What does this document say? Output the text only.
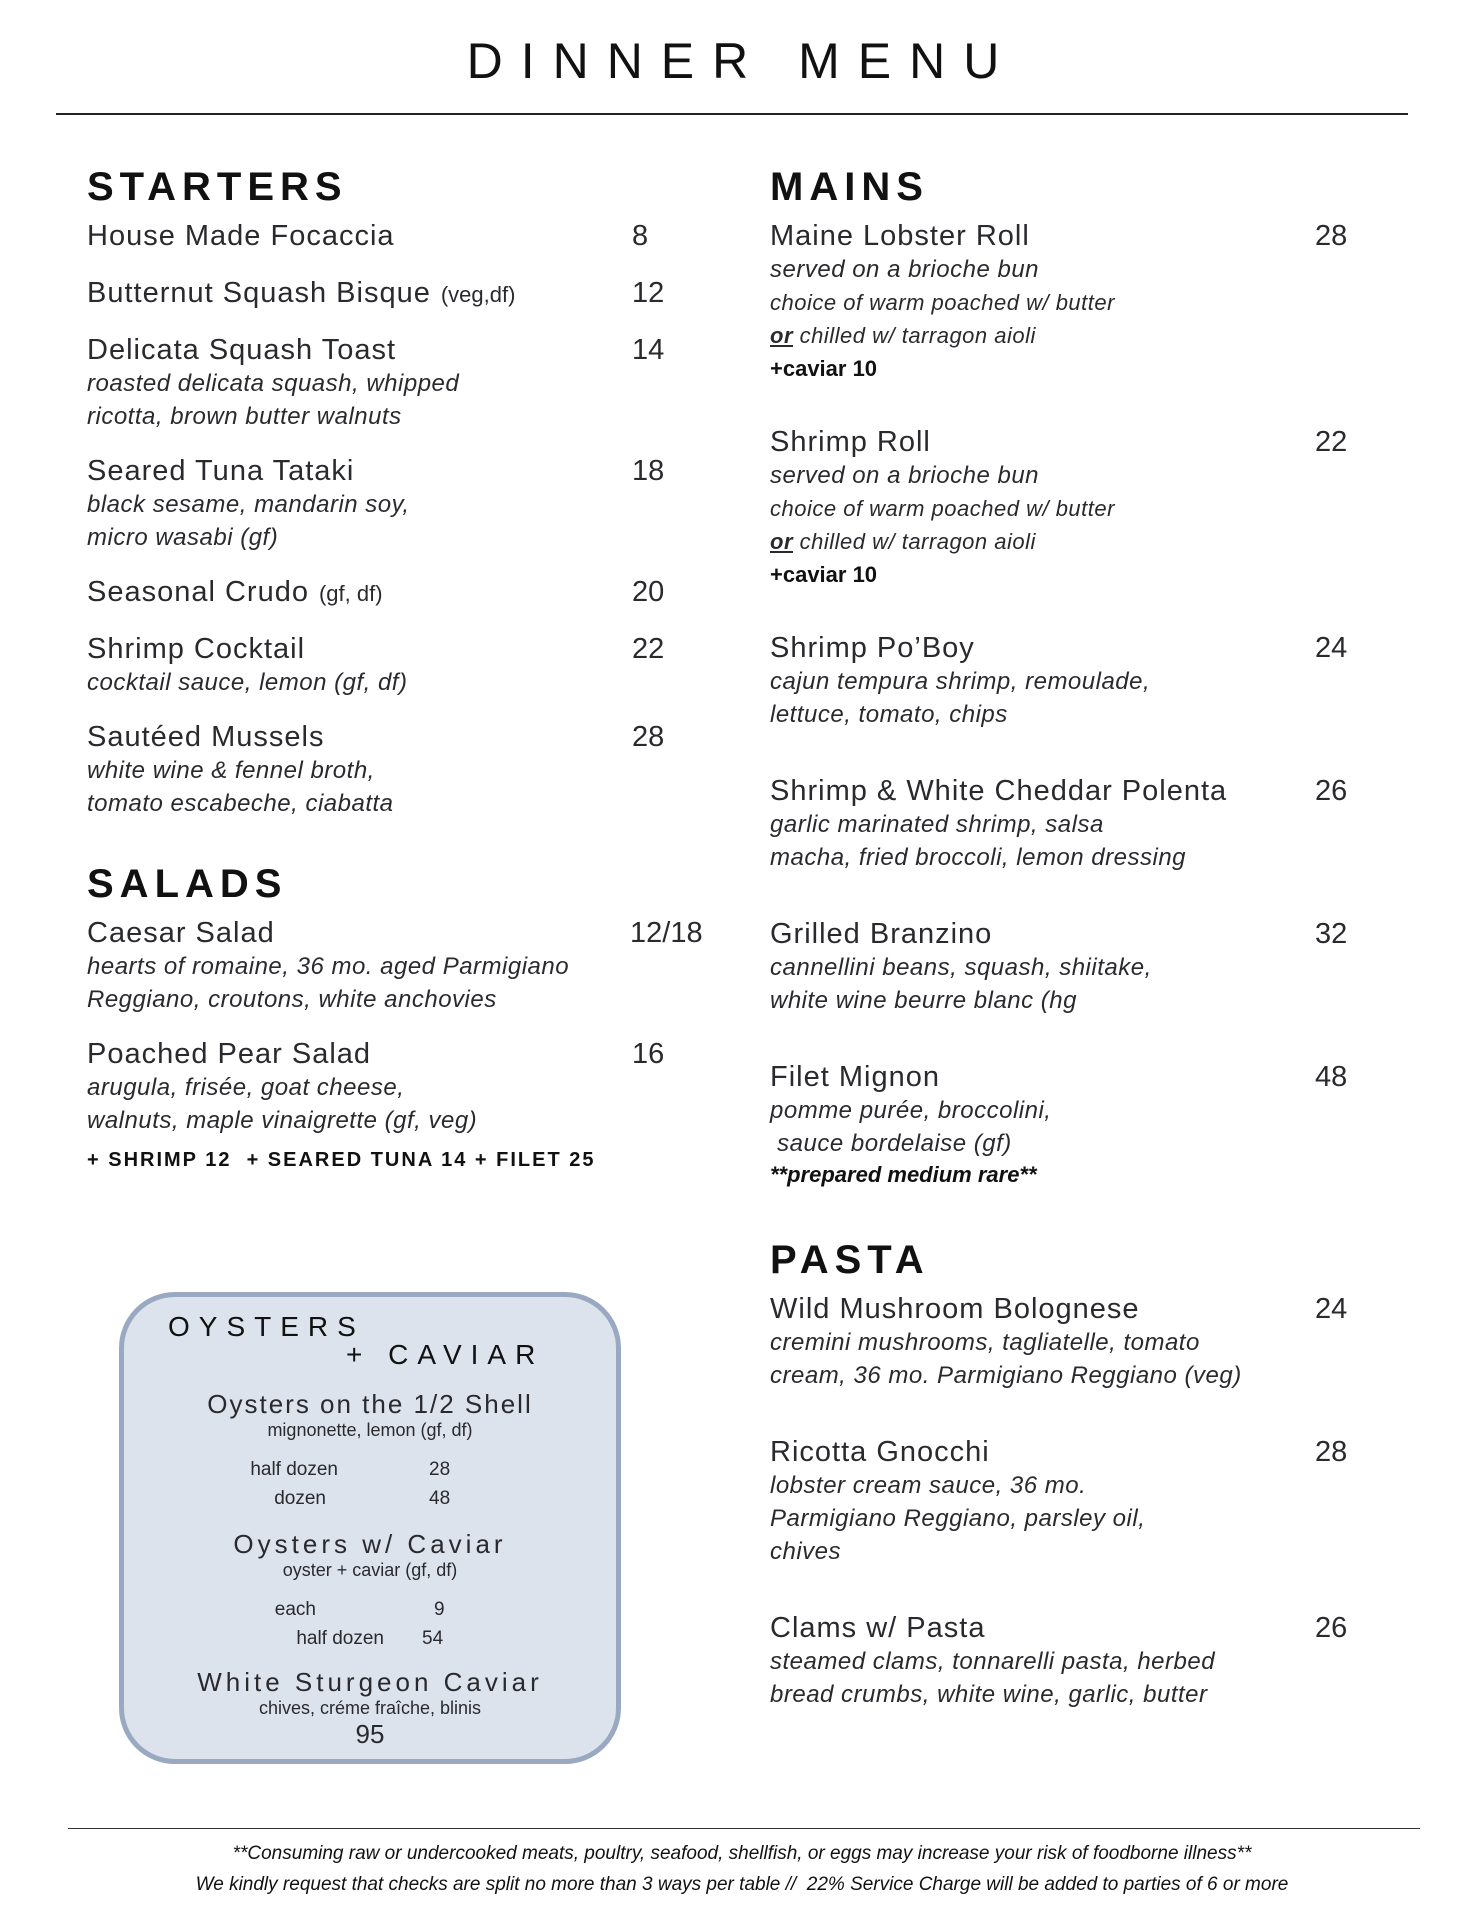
DINNER MENU
STARTERS
House Made Focaccia	8
Butternut Squash Bisque (veg,df)	12
Delicata Squash Toast	14
roasted delicata squash, whipped
ricotta, brown butter walnuts
Seared Tuna Tataki	18
black sesame, mandarin soy,
micro wasabi (gf)
Seasonal Crudo (gf, df)	20
Shrimp Cocktail	22
cocktail sauce, lemon (gf, df)
Sautéed Mussels	28
white wine & fennel broth,
tomato escabeche, ciabatta
SALADS
Caesar Salad	12/18
hearts of romaine, 36 mo. aged Parmigiano
Reggiano, croutons, white anchovies
Poached Pear Salad	16
arugula, frisée, goat cheese,
walnuts, maple vinaigrette (gf, veg)
+ SHRIMP 12  + SEARED TUNA 14 + FILET 25
OYSTERS
+ CAVIAR
Oysters on the 1/2 Shell
mignonette, lemon (gf, df)
half dozen	28
dozen	48
Oysters w/ Caviar
oyster + caviar (gf, df)
each	9
half dozen 54
White Sturgeon Caviar
chives, créme fraîche, blinis
95
MAINS
Maine Lobster Roll	28
served on a brioche bun
choice of warm poached w/ butter
or chilled w/ tarragon aioli
+caviar 10
Shrimp Roll	22
served on a brioche bun
choice of warm poached w/ butter
or chilled w/ tarragon aioli
+caviar 10
Shrimp Po’Boy	24
cajun tempura shrimp, remoulade,
lettuce, tomato, chips
Shrimp & White Cheddar Polenta	26
garlic marinated shrimp, salsa
macha, fried broccoli, lemon dressing
Grilled Branzino	32
cannellini beans, squash, shiitake,
white wine beurre blanc (hg
Filet Mignon	48
pomme purée, broccolini,
sauce bordelaise (gf)
**prepared medium rare**
PASTA
Wild Mushroom Bolognese	24
cremini mushrooms, tagliatelle, tomato
cream, 36 mo. Parmigiano Reggiano (veg)
Ricotta Gnocchi	28
lobster cream sauce, 36 mo.
Parmigiano Reggiano, parsley oil,
chives
Clams w/ Pasta	26
steamed clams, tonnarelli pasta, herbed
bread crumbs, white wine, garlic, butter
**Consuming raw or undercooked meats, poultry, seafood, shellfish, or eggs may increase your risk of foodborne illness**
We kindly request that checks are split no more than 3 ways per table //  22% Service Charge will be added to parties of 6 or more
